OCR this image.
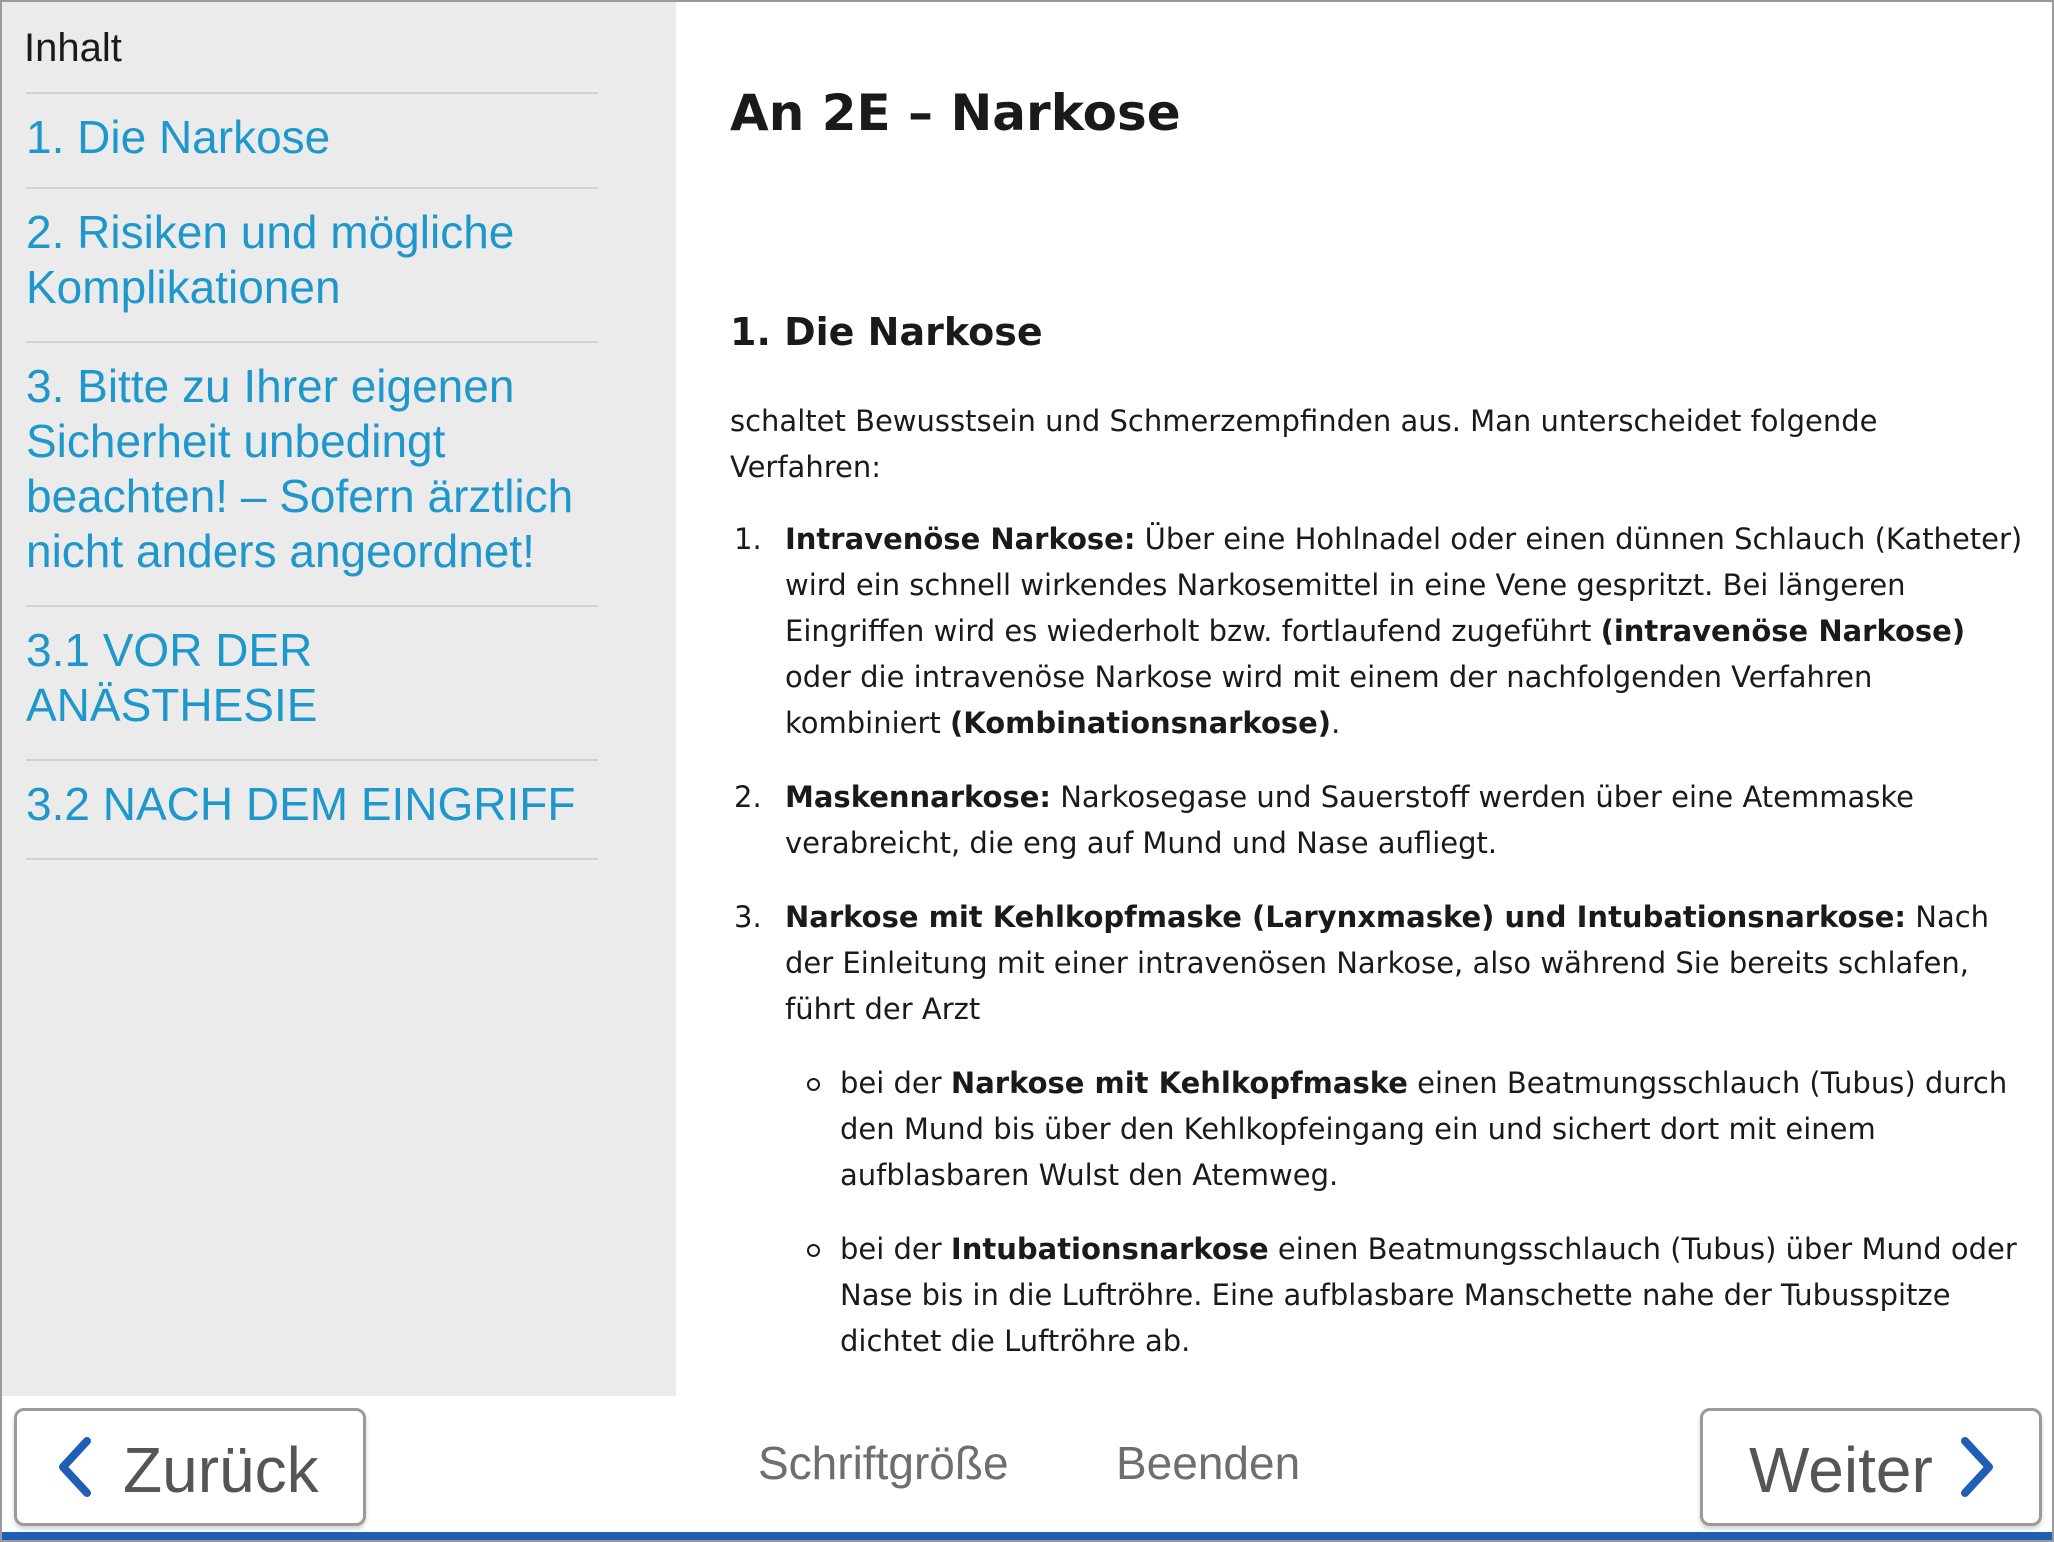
Inhalt
1. Die Narkose
2. Risiken und mögliche Komplikationen
3. Bitte zu Ihrer eigenen Sicherheit unbedingt beachten! – Sofern ärztlich nicht anders angeordnet!
3.1 VOR DER ANÄSTHESIE
3.2 NACH DEM EINGRIFF
An 2E – Narkose
1. Die Narkose

schaltet Bewusstsein und Schmerzempfinden aus. Man unterscheidet folgende Verfahren:

1. Intravenöse Narkose: Über eine Hohlnadel oder einen dünnen Schlauch (Katheter) wird ein schnell wirkendes Narkosemittel in eine Vene gespritzt. Bei längeren Eingriffen wird es wiederholt bzw. fortlaufend zugeführt (intravenöse Narkose) oder die intravenöse Narkose wird mit einem der nachfolgenden Verfahren kombiniert (Kombinationsnarkose).
2. Maskennarkose: Narkosegase und Sauerstoff werden über eine Atemmaske verabreicht, die eng auf Mund und Nase aufliegt.
3. Narkose mit Kehlkopfmaske (Larynxmaske) und Intubationsnarkose: Nach der Einleitung mit einer intravenösen Narkose, also während Sie bereits schlafen, führt der Arzt
bei der Narkose mit Kehlkopfmaske einen Beatmungsschlauch (Tubus) durch den Mund bis über den Kehlkopfeingang ein und sichert dort mit einem aufblasbaren Wulst den Atemweg.
bei der Intubationsnarkose einen Beatmungsschlauch (Tubus) über Mund oder Nase bis in die Luftröhre. Eine aufblasbare Manschette nahe der Tubusspitze dichtet die Luftröhre ab.
Zurück	Schriftgröße Beenden	Weiter
